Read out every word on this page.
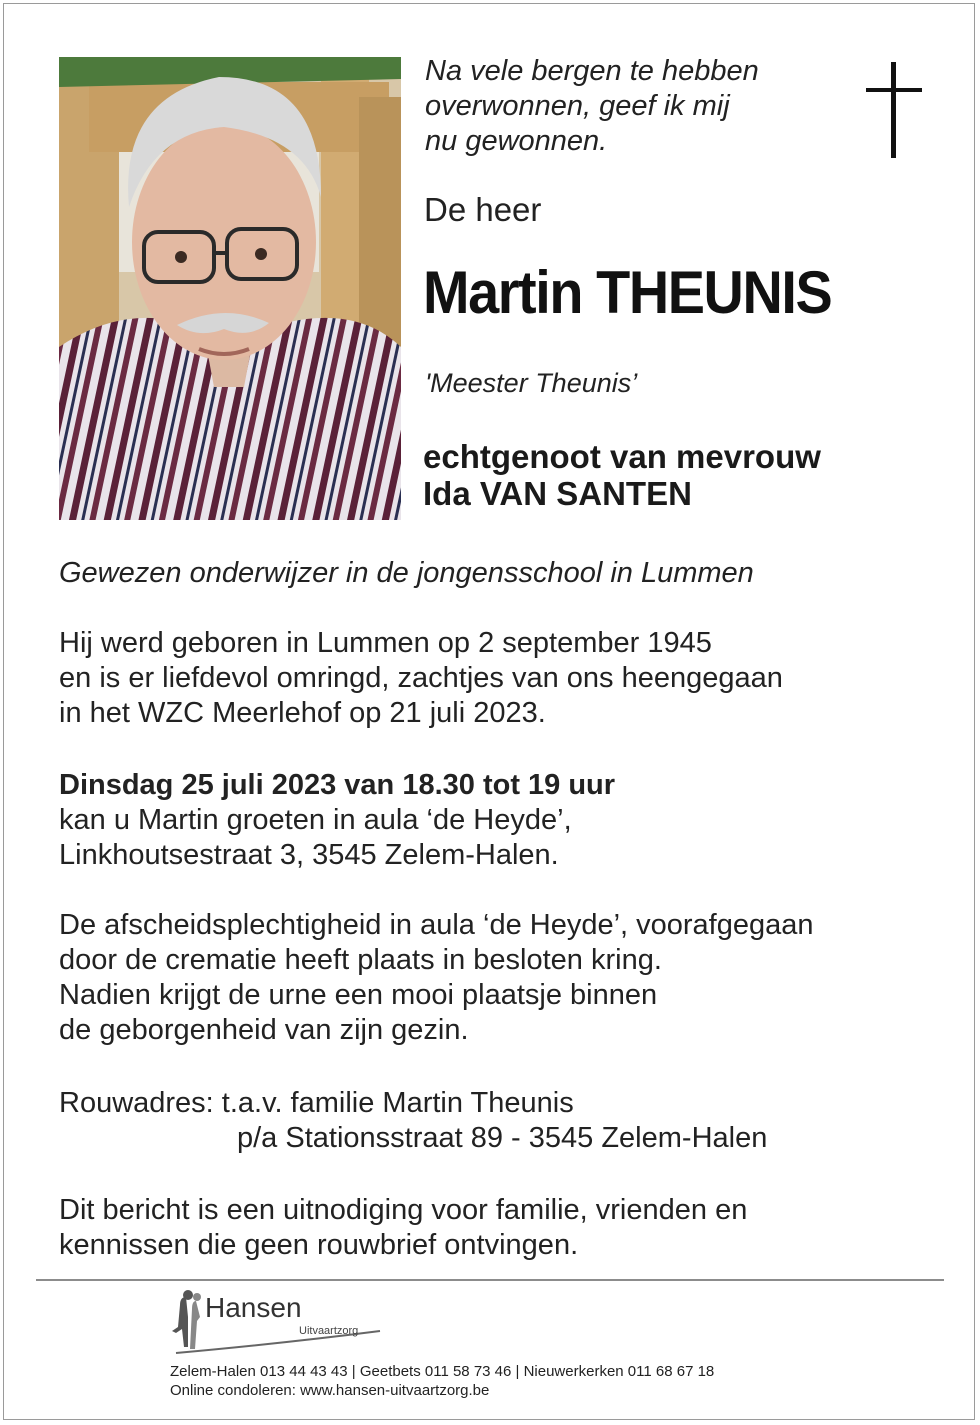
Na vele bergen te hebben
overwonnen, geef ik mij
nu gewonnen.
De heer
Martin THEUNIS
'Meester Theunis’
echtgenoot van mevrouw
Ida VAN SANTEN
Gewezen onderwijzer in de jongensschool in Lummen
Hij werd geboren in Lummen op 2 september 1945
en is er liefdevol omringd, zachtjes van ons heengegaan
in het WZC Meerlehof op 21 juli 2023.
Dinsdag 25 juli 2023 van 18.30 tot 19 uur
kan u Martin groeten in aula ‘de Heyde’,
Linkhoutsestraat 3, 3545 Zelem-Halen.
De afscheidsplechtigheid in aula ‘de Heyde’, voorafgegaan
door de crematie heeft plaats in besloten kring.
Nadien krijgt de urne een mooi plaatsje binnen
de geborgenheid van zijn gezin.
Rouwadres: t.a.v. familie Martin Theunis
p/a Stationsstraat 89 - 3545 Zelem-Halen
Dit bericht is een uitnodiging voor familie, vrienden en
kennissen die geen rouwbrief ontvingen.
Hansen
Uitvaartzorg
Zelem-Halen 013 44 43 43 | Geetbets 011 58 73 46 | Nieuwerkerken 011 68 67 18
Online condoleren: www.hansen-uitvaartzorg.be
